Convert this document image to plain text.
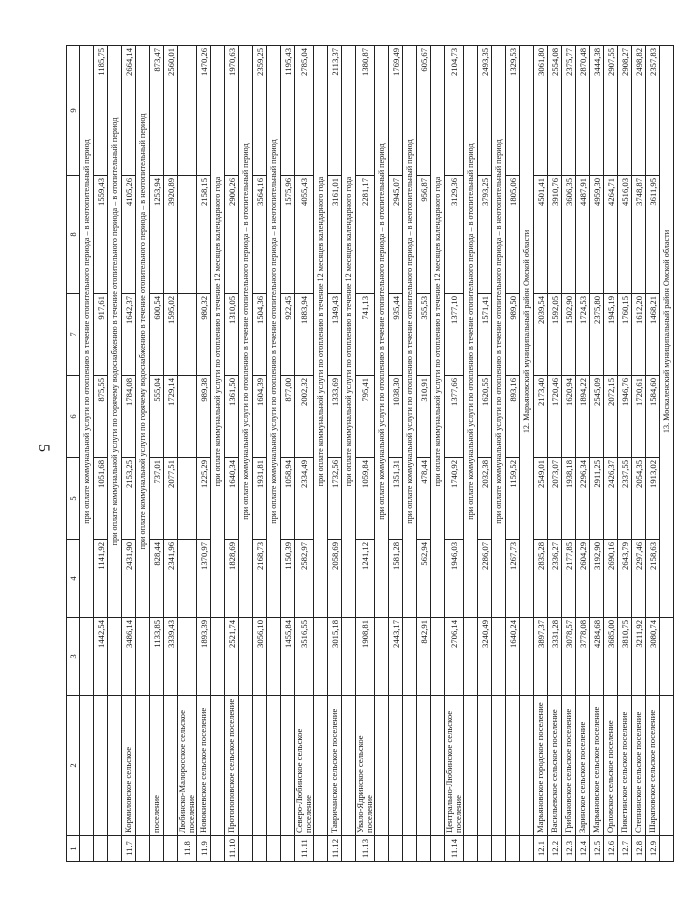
5
1	2	3	4	5	6	7	8	9
			при оплате коммунальной услуги по отоплению в течение отопительного периода – в неотопительный период					
		1442,54	1141,92	1051,68	875,55	917,61	1559,43	1185,75
			при оплате коммунальной услуги по горячему водоснабжению в течение отопительного периода – в отопительный период					
11.7	Кормиловское сельское	3486,14	2431,90	2153,25	1784,08	1642,37	4105,26	2664,14
			при оплате коммунальной услуги по горячему водоснабжению в течение отопительного периода – в неотопительный период					
	поселение	1133,85	828,44	737,01	555,04	600,54	1253,94	873,47
		3339,43	2341,96	2077,51	1729,14	1595,02	3920,89	2560,01
11.8	Любинско-Малоросское сельское поселение							
11.9	Новокиевское сельское поселение	1893,39	1370,97	1225,29	989,38	980,32	2158,15	1470,26
			при оплате коммунальной услуги по отоплению в течение 12 месяцев календарного года					
11.10	Протопоповское сельское поселение	2521,74	1828,69	1640,34	1361,50	1310,05	2900,26	1970,63
			при оплате коммунальной услуги по отоплению в течение отопительного периода – в отопительный период					
		3056,10	2168,73	1931,81	1604,39	1504,36	3564,16	2359,25
			при оплате коммунальной услуги по отоплению в течение отопительного периода – в неотопительный период					
		1455,84	1150,39	1058,94	877,00	922,45	1575,96	1195,43
11.11	Северо-Любинское сельское поселение	3516,55	2582,97	2334,49	2002,32	1883,94	4055,43	2785,04
			при оплате коммунальной услуги по отоплению в течение 12 месяцев календарного года					
11.12	Тавричанское сельское поселение	3015,18	2058,69	1732,56	1333,69	1349,43	3161,01	2113,37
			при оплате коммунальной услуги по отоплению в течение 12 месяцев календарного года					
11.13	Увало-Ядринское сельское поселение	1908,81	1241,12	1059,84	795,41	741,13	2281,17	1380,87
			при оплате коммунальной услуги по отоплению в течение отопительного периода – в отопительный период					
		2443,17	1581,28	1351,31	1038,30	935,44	2945,07	1769,49
			при оплате коммунальной услуги по отоплению в течение отопительного периода – в неотопительный период					
		842,91	562,94	478,44	310,91	355,53	956,87	605,67
			при оплате коммунальной услуги по отоплению в течение 12 месяцев календарного года					
11.14	Центрально-Любинское сельское поселение	2706,14	1946,03	1740,92	1377,66	1377,10	3129,36	2104,73
			при оплате коммунальной услуги по отоплению в течение отопительного периода – в отопительный период					
		3240,49	2286,07	2032,38	1620,55	1571,41	3793,25	2493,35
			при оплате коммунальной услуги по отоплению в течение отопительного периода – в неотопительный период					
		1640,24	1267,73	1159,52	893,16	989,50	1805,06	1329,53
			12. Марьяновский муниципальный район Омской области					
12.1	Марьяновское городское поселение	3897,37	2835,28	2549,01	2173,40	2039,54	4501,41	3061,80
12.2	Васильевское сельское поселение	3331,28	2336,27	2073,07	1720,46	1592,05	3910,76	2554,08
12.3	Грибановское сельское поселение	3078,57	2177,85	1938,18	1620,94	1502,90	3606,35	2375,77
12.4	Заринское сельское поселение	3778,08	2604,29	2296,34	1894,22	1724,53	4487,91	2870,48
12.5	Марьяновское сельское поселение	4284,68	3192,90	2911,25	2545,09	2375,80	4959,30	3444,38
12.6	Орловское сельское поселение	3685,00	2690,16	2426,37	2072,15	1945,19	4264,71	2907,55
12.7	Пикетинское сельское поселение	3810,75	2643,79	2337,55	1946,76	1760,15	4516,03	2908,27
12.8	Степнинское сельское поселение	3211,92	2297,46	2054,35	1720,61	1612,20	3748,87	2498,82
12.9	Шараповское сельское поселение	3080,74	2158,63	1913,02	1584,60	1468,21	3611,95	2357,83
			13. Москаленский муниципальный район Омской области					
